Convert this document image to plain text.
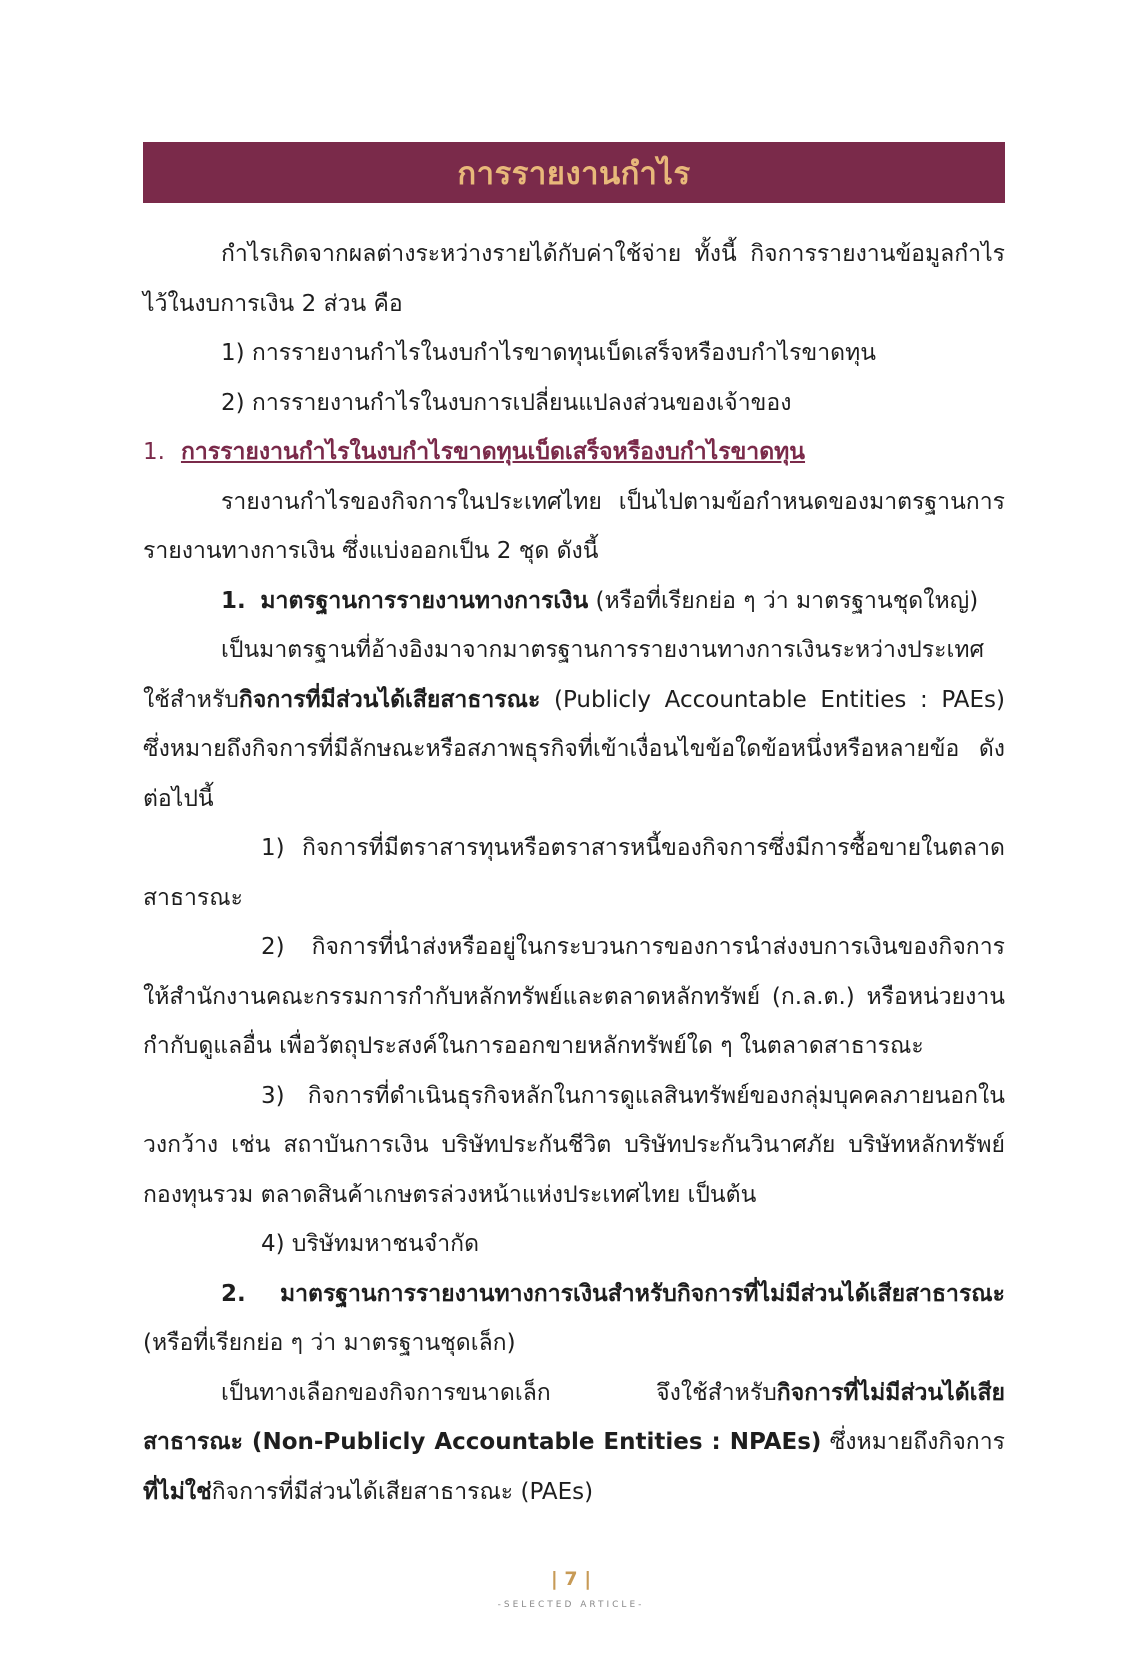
การรายงานกำไร

กำไรเกิดจากผลต่างระหว่างรายได้กับค่าใช้จ่าย ทั้งนี้ กิจการรายงานข้อมูลกำไรไว้ในงบการเงิน 2 ส่วน คือ

1) การรายงานกำไรในงบกำไรขาดทุนเบ็ดเสร็จหรืองบกำไรขาดทุน

2) การรายงานกำไรในงบการเปลี่ยนแปลงส่วนของเจ้าของ

1. การรายงานกำไรในงบกำไรขาดทุนเบ็ดเสร็จหรืองบกำไรขาดทุน

รายงานกำไรของกิจการในประเทศไทย เป็นไปตามข้อกำหนดของมาตรฐานการรายงานทางการเงิน ซึ่งแบ่งออกเป็น 2 ชุด ดังนี้

1. มาตรฐานการรายงานทางการเงิน (หรือที่เรียกย่อ ๆ ว่า มาตรฐานชุดใหญ่)

เป็นมาตรฐานที่อ้างอิงมาจากมาตรฐานการรายงานทางการเงินระหว่างประเทศ ใช้สำหรับกิจการที่มีส่วนได้เสียสาธารณะ (Publicly Accountable Entities : PAEs) ซึ่งหมายถึงกิจการที่มีลักษณะหรือสภาพธุรกิจที่เข้าเงื่อนไขข้อใดข้อหนึ่งหรือหลายข้อ ดังต่อไปนี้

1) กิจการที่มีตราสารทุนหรือตราสารหนี้ของกิจการซึ่งมีการซื้อขายในตลาดสาธารณะ

2) กิจการที่นำส่งหรืออยู่ในกระบวนการของการนำส่งงบการเงินของกิจการให้สำนักงานคณะกรรมการกำกับหลักทรัพย์และตลาดหลักทรัพย์ (ก.ล.ต.) หรือหน่วยงานกำกับดูแลอื่น เพื่อวัตถุประสงค์ในการออกขายหลักทรัพย์ใด ๆ ในตลาดสาธารณะ

3) กิจการที่ดำเนินธุรกิจหลักในการดูแลสินทรัพย์ของกลุ่มบุคคลภายนอกในวงกว้าง เช่น สถาบันการเงิน บริษัทประกันชีวิต บริษัทประกันวินาศภัย บริษัทหลักทรัพย์ กองทุนรวม ตลาดสินค้าเกษตรล่วงหน้าแห่งประเทศไทย เป็นต้น

4) บริษัทมหาชนจำกัด

2. มาตรฐานการรายงานทางการเงินสำหรับกิจการที่ไม่มีส่วนได้เสียสาธารณะ (หรือที่เรียกย่อ ๆ ว่า มาตรฐานชุดเล็ก)

เป็นทางเลือกของกิจการขนาดเล็ก จึงใช้สำหรับกิจการที่ไม่มีส่วนได้เสียสาธารณะ (Non-Publicly Accountable Entities : NPAEs) ซึ่งหมายถึงกิจการที่ไม่ใช่กิจการที่มีส่วนได้เสียสาธารณะ (PAEs)

| 7 |
-SELECTED ARTICLE-
